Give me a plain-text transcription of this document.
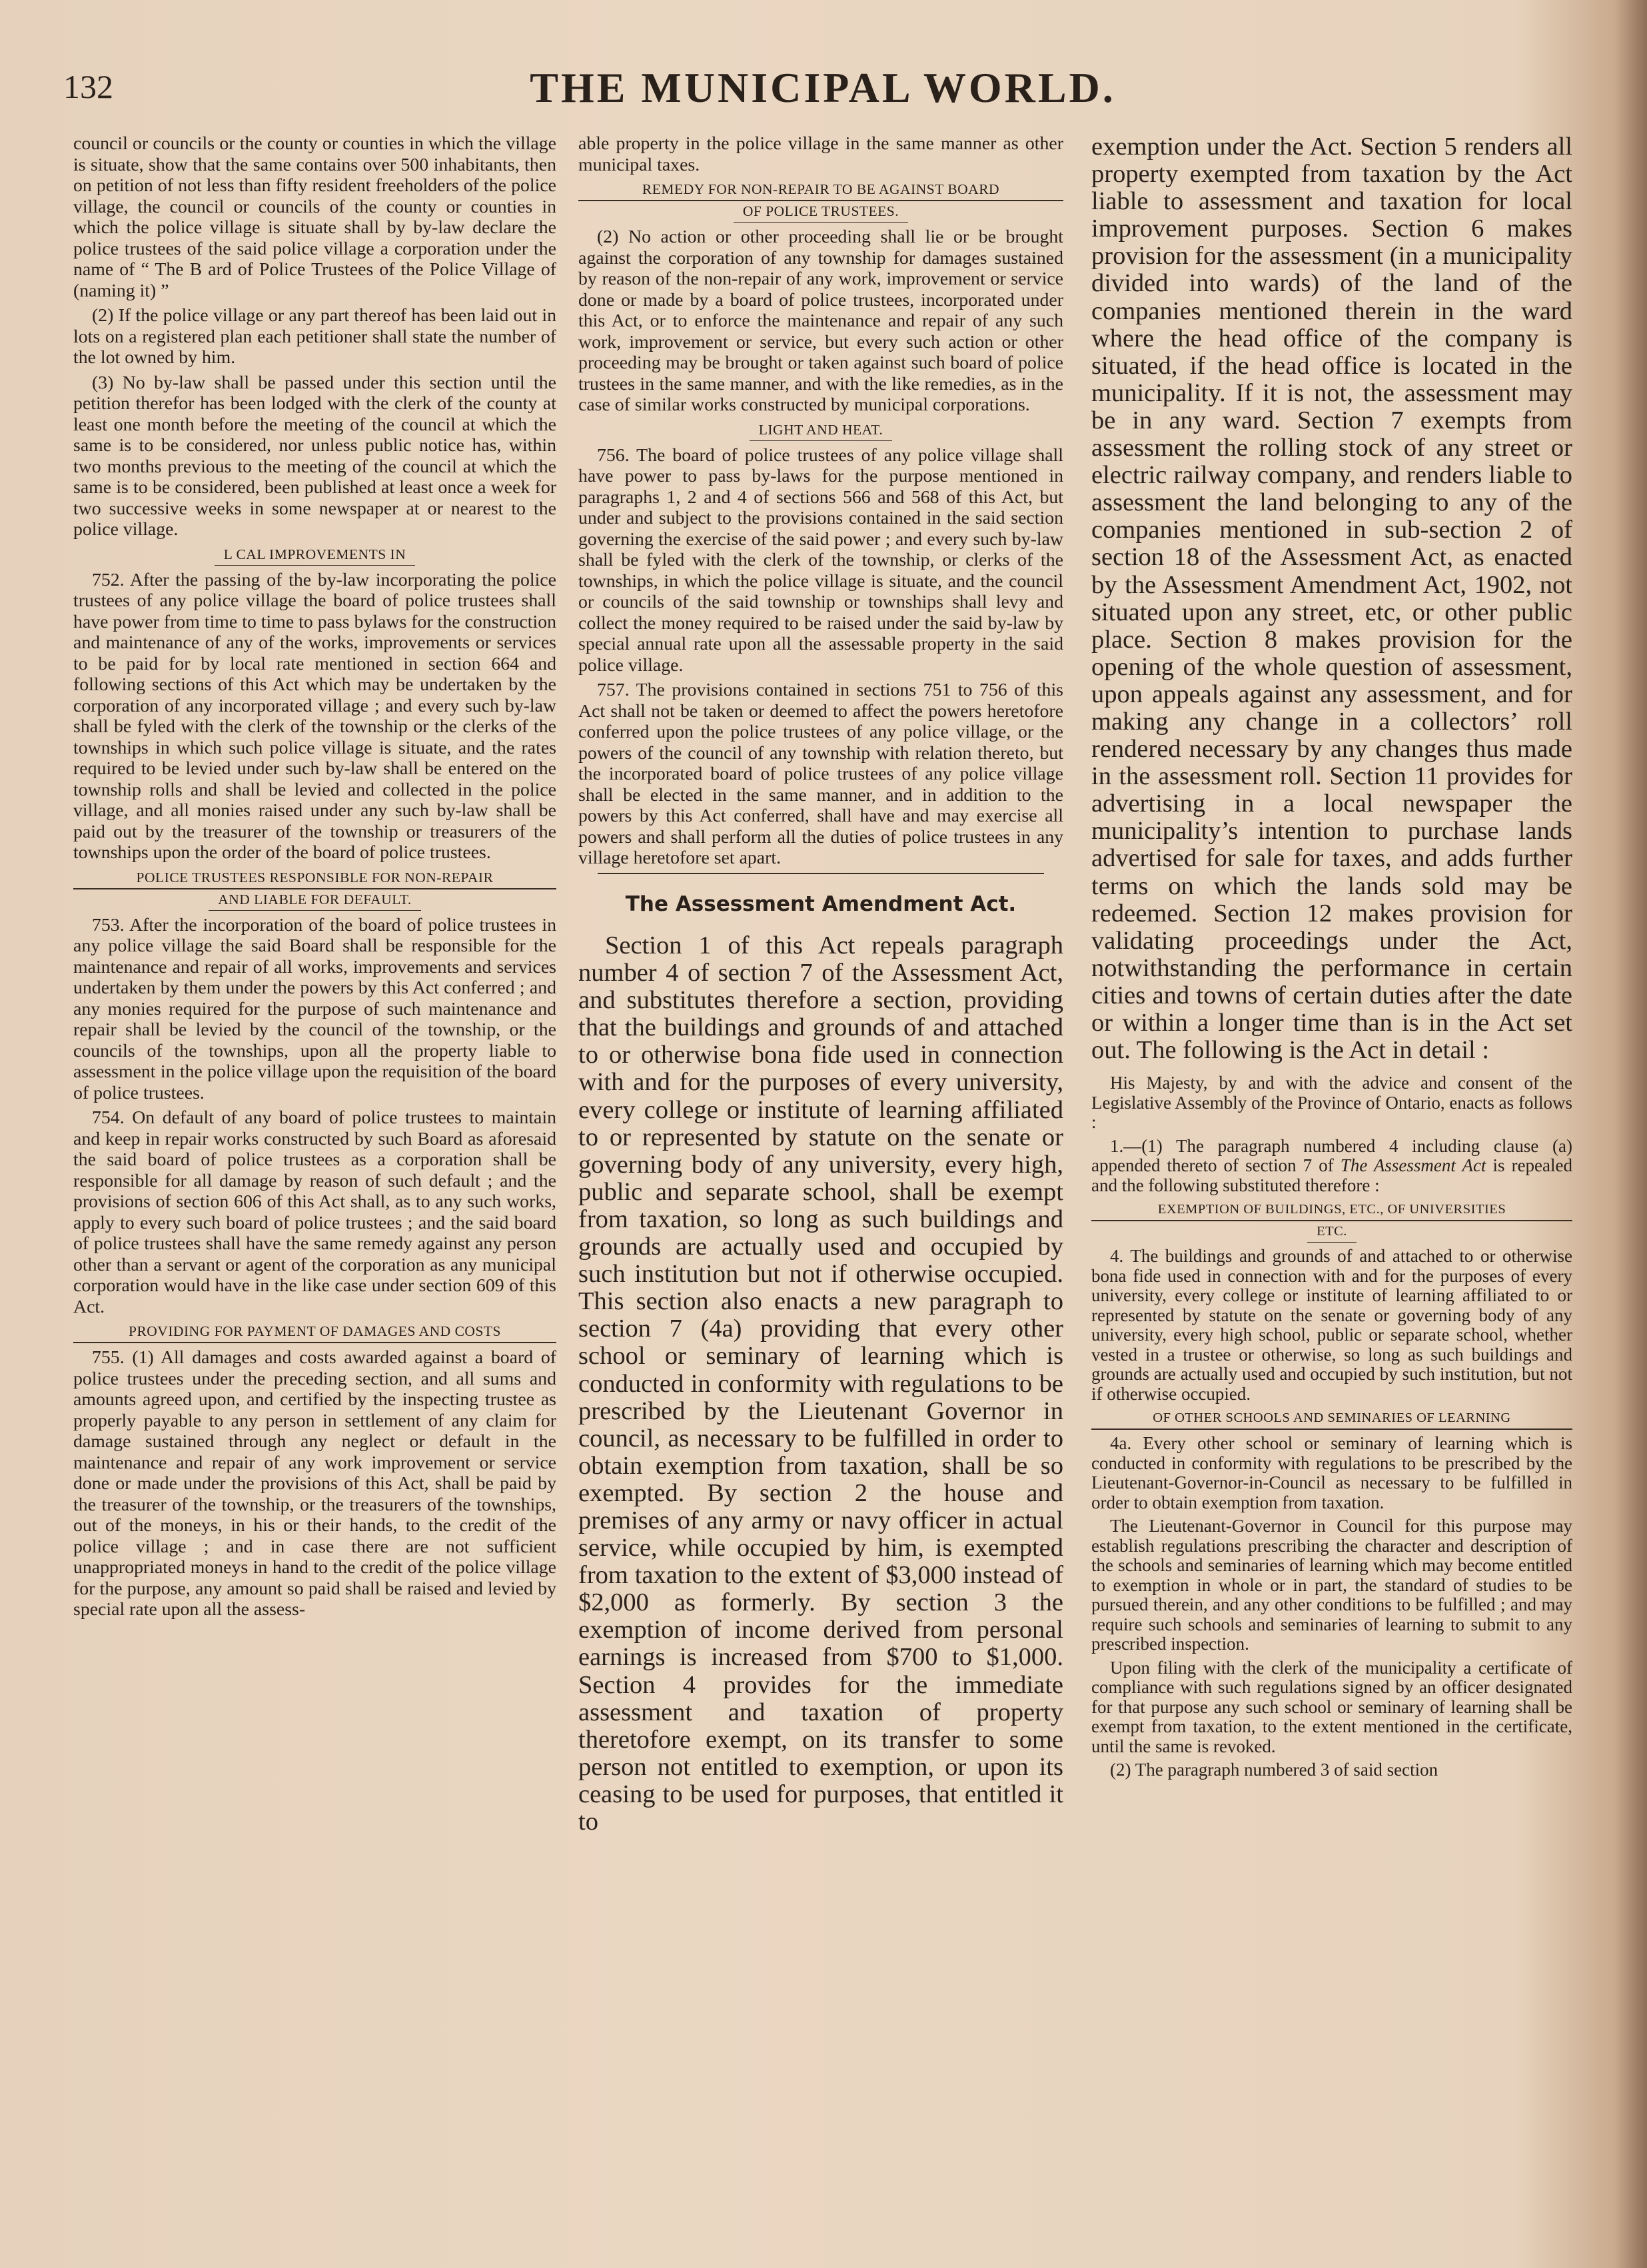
132	THE MUNICIPAL WORLD.

council or councils or the county or counties in which the village is situate, show that the same contains over 500 inhabitants, then on petition of not less than fifty resident freeholders of the police village, the council or councils of the county or counties in which the police village is situate shall by by-law declare the police trustees of the said police village a corporation under the name of “ The B ard of Police Trustees of the Police Village of (naming it) ”

(2) If the police village or any part thereof has been laid out in lots on a registered plan each petitioner shall state the number of the lot owned by him.

(3) No by-law shall be passed under this section until the petition therefor has been lodged with the clerk of the county at least one month before the meeting of the council at which the same is to be considered, nor unless public notice has, within two months previous to the meeting of the council at which the same is to be considered, been published at least once a week for two successive weeks in some newspaper at or nearest to the police village.

L CAL IMPROVEMENTS IN

752. After the passing of the by-law incorporating the police trustees of any police village the board of police trustees shall have power from time to time to pass bylaws for the construction and maintenance of any of the works, improvements or services to be paid for by local rate mentioned in section 664 and following sections of this Act which may be undertaken by the corporation of any incorporated village ; and every such by-law shall be fyled with the clerk of the township or the clerks of the townships in which such police village is situate, and the rates required to be levied under such by-law shall be entered on the township rolls and shall be levied and collected in the police village, and all monies raised under any such by-law shall be paid out by the treasurer of the township or treasurers of the townships upon the order of the board of police trustees.

POLICE TRUSTEES RESPONSIBLE FOR NON-REPAIR
AND LIABLE FOR DEFAULT.

753. After the incorporation of the board of police trustees in any police village the said Board shall be responsible for the maintenance and repair of all works, improvements and services undertaken by them under the powers by this Act conferred ; and any monies required for the purpose of such maintenance and repair shall be levied by the council of the township, or the councils of the townships, upon all the property liable to assessment in the police village upon the requisition of the board of police trustees.

754. On default of any board of police trustees to maintain and keep in repair works constructed by such Board as aforesaid the said board of police trustees as a corporation shall be responsible for all damage by reason of such default ; and the provisions of section 606 of this Act shall, as to any such works, apply to every such board of police trustees ; and the said board of police trustees shall have the same remedy against any person other than a servant or agent of the corporation as any municipal corporation would have in the like case under section 609 of this Act.

PROVIDING FOR PAYMENT OF DAMAGES AND COSTS

755. (1) All damages and costs awarded against a board of police trustees under the preceding section, and all sums and amounts agreed upon, and certified by the inspecting trustee as properly payable to any person in settlement of any claim for damage sustained through any neglect or default in the maintenance and repair of any work improvement or service done or made under the provisions of this Act, shall be paid by the treasurer of the township, or the treasurers of the townships, out of the moneys, in his or their hands, to the credit of the police village ; and in case there are not sufficient unappropriated moneys in hand to the credit of the police village for the purpose, any amount so paid shall be raised and levied by special rate upon all the assess-

able property in the police village in the same manner as other municipal taxes.

REMEDY FOR NON-REPAIR TO BE AGAINST BOARD
OF POLICE TRUSTEES.

(2) No action or other proceeding shall lie or be brought against the corporation of any township for damages sustained by reason of the non-repair of any work, improvement or service done or made by a board of police trustees, incorporated under this Act, or to enforce the maintenance and repair of any such work, improvement or service, but every such action or other proceeding may be brought or taken against such board of police trustees in the same manner, and with the like remedies, as in the case of similar works constructed by municipal corporations.

LIGHT AND HEAT.

756. The board of police trustees of any police village shall have power to pass by-laws for the purpose mentioned in paragraphs 1, 2 and 4 of sections 566 and 568 of this Act, but under and subject to the provisions contained in the said section governing the exercise of the said power ; and every such by-law shall be fyled with the clerk of the township, or clerks of the townships, in which the police village is situate, and the council or councils of the said township or townships shall levy and collect the money required to be raised under the said by-law by special annual rate upon all the assessable property in the said police village.

757. The provisions contained in sections 751 to 756 of this Act shall not be taken or deemed to affect the powers heretofore conferred upon the police trustees of any police village, or the powers of the council of any township with relation thereto, but the incorporated board of police trustees of any police village shall be elected in the same manner, and in addition to the powers by this Act conferred, shall have and may exercise all powers and shall perform all the duties of police trustees in any village heretofore set apart.

The Assessment Amendment Act.

Section 1 of this Act repeals paragraph number 4 of section 7 of the Assessment Act, and substitutes therefore a section, providing that the buildings and grounds of and attached to or otherwise bona fide used in connection with and for the purposes of every university, every college or institute of learning affiliated to or represented by statute on the senate or governing body of any university, every high, public and separate school, shall be exempt from taxation, so long as such buildings and grounds are actually used and occupied by such institution but not if otherwise occupied. This section also enacts a new paragraph to section 7 (4a) providing that every other school or seminary of learning which is conducted in conformity with regulations to be prescribed by the Lieutenant Governor in council, as necessary to be fulfilled in order to obtain exemption from taxation, shall be so exempted. By section 2 the house and premises of any army or navy officer in actual service, while occupied by him, is exempted from taxation to the extent of $3,000 instead of $2,000 as formerly. By section 3 the exemption of income derived from personal earnings is increased from $700 to $1,000. Section 4 provides for the immediate assessment and taxation of property theretofore exempt, on its transfer to some person not entitled to exemption, or upon its ceasing to be used for purposes, that entitled it to

exemption under the Act. Section 5 renders all property exempted from taxation by the Act liable to assessment and taxation for local improvement purposes. Section 6 makes provision for the assessment (in a municipality divided into wards) of the land of the companies mentioned therein in the ward where the head office of the company is situated, if the head office is located in the municipality. If it is not, the assessment may be in any ward. Section 7 exempts from assessment the rolling stock of any street or electric railway company, and renders liable to assessment the land belonging to any of the companies mentioned in sub-section 2 of section 18 of the Assessment Act, as enacted by the Assessment Amendment Act, 1902, not situated upon any street, etc, or other public place. Section 8 makes provision for the opening of the whole question of assessment, upon appeals against any assessment, and for making any change in a collectors’ roll rendered necessary by any changes thus made in the assessment roll. Section 11 provides for advertising in a local newspaper the municipality’s intention to purchase lands advertised for sale for taxes, and adds further terms on which the lands sold may be redeemed. Section 12 makes provision for validating proceedings under the Act, notwithstanding the performance in certain cities and towns of certain duties after the date or within a longer time than is in the Act set out. The following is the Act in detail :

His Majesty, by and with the advice and consent of the Legislative Assembly of the Province of Ontario, enacts as follows :

1.—(1) The paragraph numbered 4 including clause (a) appended thereto of section 7 of The Assessment Act is repealed and the following substituted therefore :

EXEMPTION OF BUILDINGS, ETC., OF UNIVERSITIES
ETC.

4. The buildings and grounds of and attached to or otherwise bona fide used in connection with and for the purposes of every university, every college or institute of learning affiliated to or represented by statute on the senate or governing body of any university, every high school, public or separate school, whether vested in a trustee or otherwise, so long as such buildings and grounds are actually used and occupied by such institution, but not if otherwise occupied.

OF OTHER SCHOOLS AND SEMINARIES OF LEARNING

4a. Every other school or seminary of learning which is conducted in conformity with regulations to be prescribed by the Lieutenant-Governor-in-Council as necessary to be fulfilled in order to obtain exemption from taxation.

The Lieutenant-Governor in Council for this purpose may establish regulations prescribing the character and description of the schools and seminaries of learning which may become entitled to exemption in whole or in part, the standard of studies to be pursued therein, and any other conditions to be fulfilled ; and may require such schools and seminaries of learning to submit to any prescribed inspection.

Upon filing with the clerk of the municipality a certificate of compliance with such regulations signed by an officer designated for that purpose any such school or seminary of learning shall be exempt from taxation, to the extent mentioned in the certificate, until the same is revoked.

(2) The paragraph numbered 3 of said section
